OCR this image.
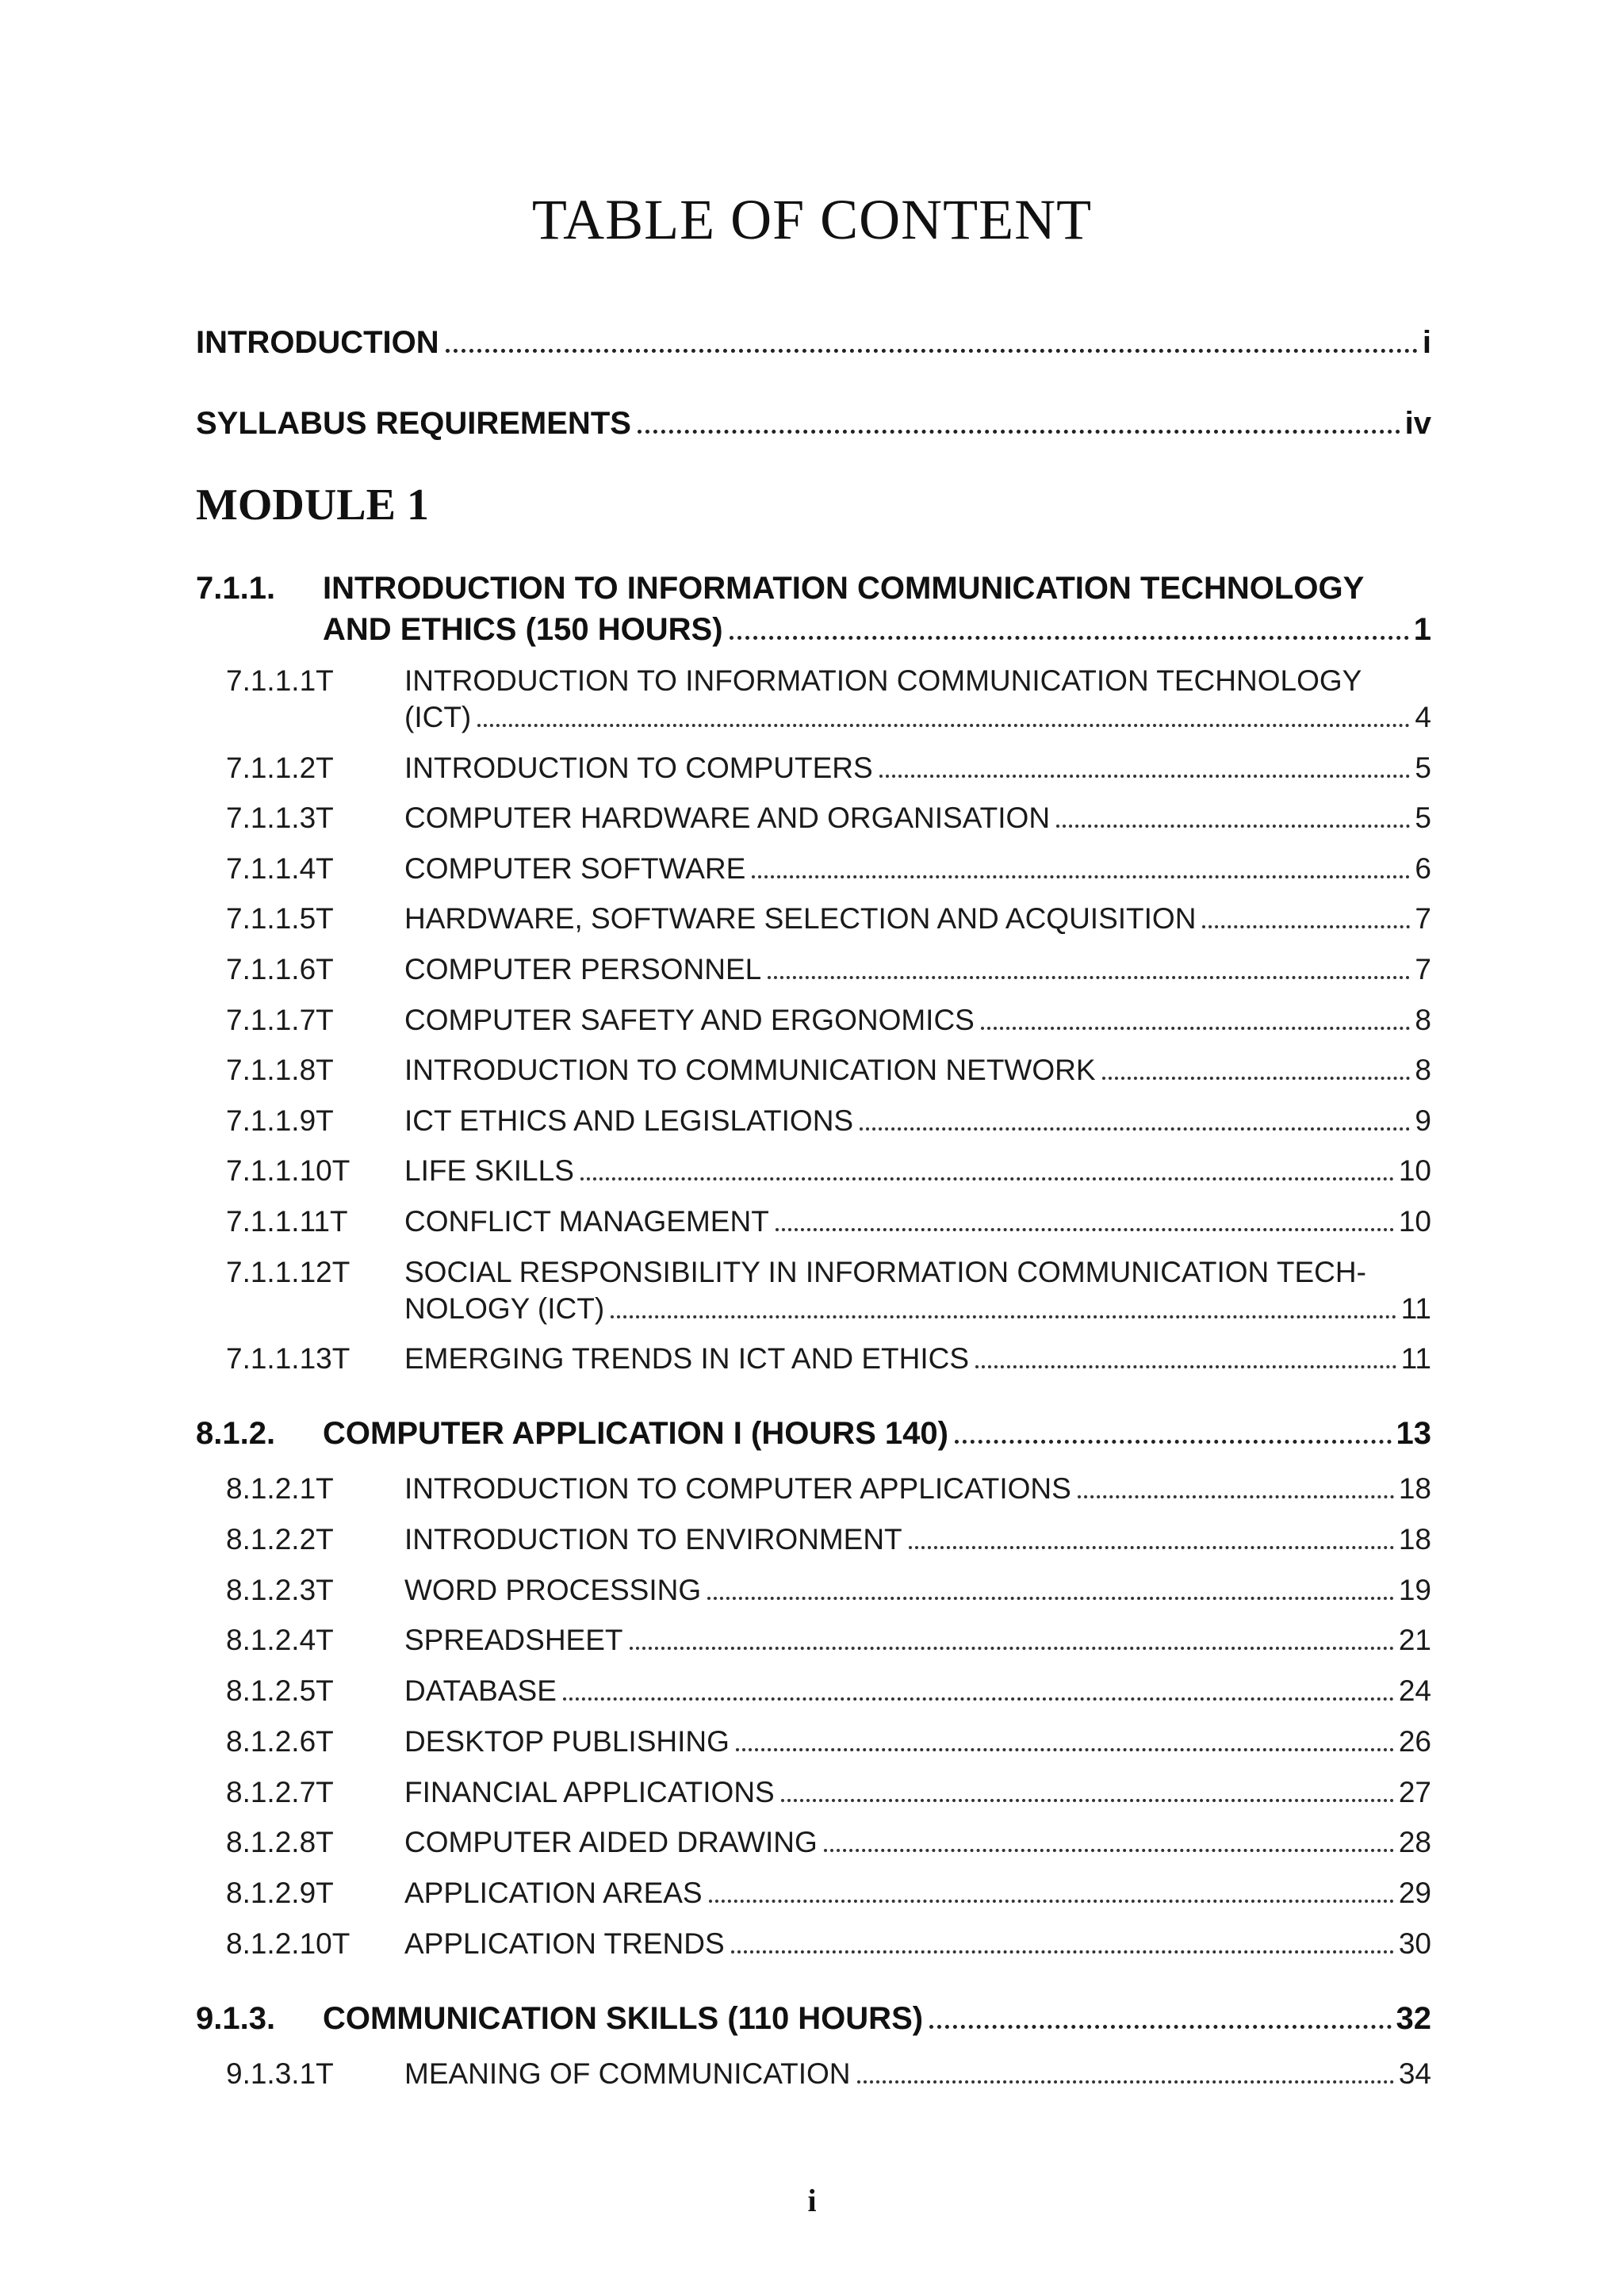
TABLE OF CONTENT
INTRODUCTION	i
SYLLABUS REQUIREMENTS	iv
MODULE 1
7.1.1. INTRODUCTION TO INFORMATION COMMUNICATION TECHNOLOGY
AND ETHICS (150 HOURS)	1
7.1.1.1T INTRODUCTION TO INFORMATION COMMUNICATION TECHNOLOGY
(ICT)	4
7.1.1.2T INTRODUCTION TO COMPUTERS	5
7.1.1.3T COMPUTER HARDWARE AND ORGANISATION	5
7.1.1.4T COMPUTER SOFTWARE	6
7.1.1.5T HARDWARE, SOFTWARE SELECTION AND ACQUISITION	7
7.1.1.6T COMPUTER PERSONNEL	7
7.1.1.7T COMPUTER SAFETY AND ERGONOMICS	8
7.1.1.8T INTRODUCTION TO COMMUNICATION NETWORK	8
7.1.1.9T ICT ETHICS AND LEGISLATIONS	9
7.1.1.10T LIFE SKILLS	10
7.1.1.11T CONFLICT MANAGEMENT	10
7.1.1.12T SOCIAL RESPONSIBILITY IN INFORMATION COMMUNICATION TECH-
NOLOGY (ICT)	11
7.1.1.13T EMERGING TRENDS IN ICT AND ETHICS	11
8.1.2. COMPUTER APPLICATION I (HOURS 140)	13
8.1.2.1T INTRODUCTION TO COMPUTER APPLICATIONS	18
8.1.2.2T INTRODUCTION TO ENVIRONMENT	18
8.1.2.3T WORD PROCESSING	19
8.1.2.4T SPREADSHEET	21
8.1.2.5T DATABASE	24
8.1.2.6T DESKTOP PUBLISHING	26
8.1.2.7T FINANCIAL APPLICATIONS	27
8.1.2.8T COMPUTER AIDED DRAWING	28
8.1.2.9T APPLICATION AREAS	29
8.1.2.10T APPLICATION TRENDS	30
9.1.3. COMMUNICATION SKILLS (110 HOURS)	32
9.1.3.1T MEANING OF COMMUNICATION	34
i
